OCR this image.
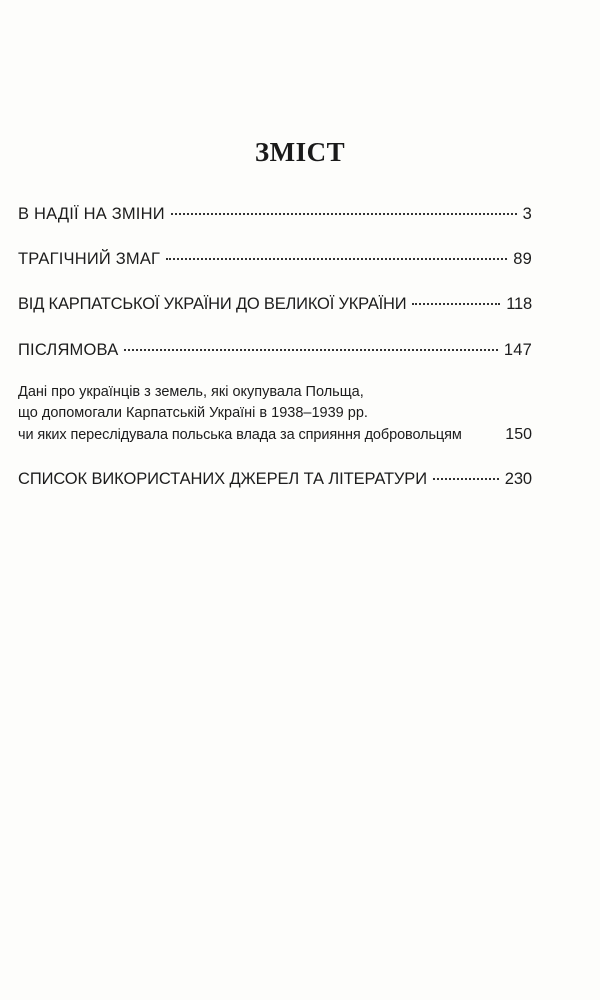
ЗМІСТ
В НАДІЇ НА ЗМІНИ	3
ТРАГІЧНИЙ ЗМАГ	89
ВІД КАРПАТСЬКОЇ УКРАЇНИ ДО ВЕЛИКОЇ УКРАЇНИ	118
ПІСЛЯМОВА	147
Дані про українців з земель, які окупувала Польща,
що допомогали Карпатській Україні в 1938–1939 рр.
чи яких переслідувала польська влада за сприяння добровольцям	150
СПИСОК ВИКОРИСТАНИХ ДЖЕРЕЛ ТА ЛІТЕРАТУРИ	230
